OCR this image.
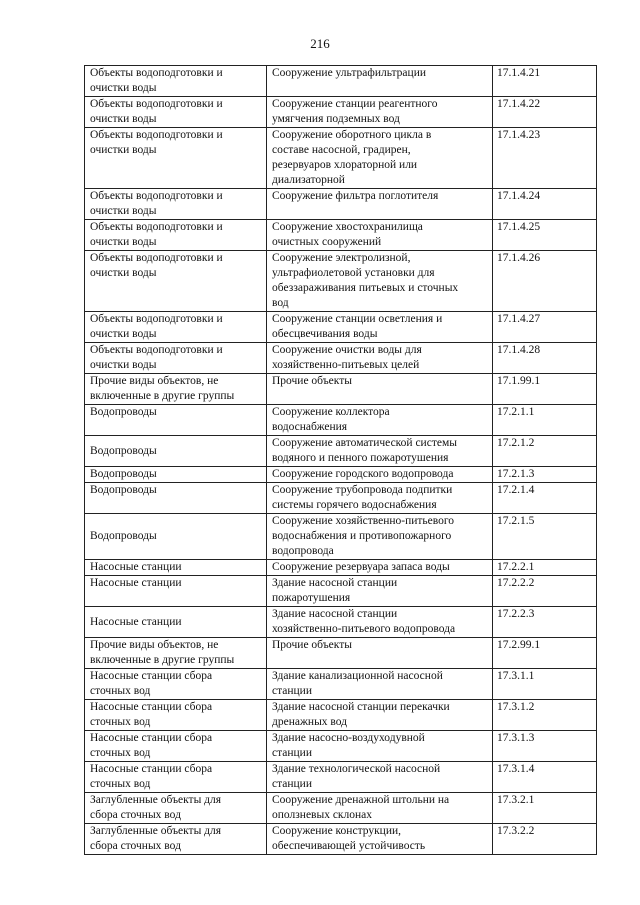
216
Объекты водоподготовки и
очистки воды	Сооружение ультрафильтрации	17.1.4.21
Объекты водоподготовки и
очистки воды	Сооружение станции реагентного
умягчения подземных вод	17.1.4.22
Объекты водоподготовки и
очистки воды	Сооружение оборотного цикла в
составе насосной, градирен,
резервуаров хлораторной или
диализаторной	17.1.4.23
Объекты водоподготовки и
очистки воды	Сооружение фильтра поглотителя	17.1.4.24
Объекты водоподготовки и
очистки воды	Сооружение хвостохранилища
очистных сооружений	17.1.4.25
Объекты водоподготовки и
очистки воды	Сооружение электролизной,
ультрафиолетовой установки для
обеззараживания питьевых и сточных
вод	17.1.4.26
Объекты водоподготовки и
очистки воды	Сооружение станции осветления и
обесцвечивания воды	17.1.4.27
Объекты водоподготовки и
очистки воды	Сооружение очистки воды для
хозяйственно-питьевых целей	17.1.4.28
Прочие виды объектов, не
включенные в другие группы	Прочие объекты	17.1.99.1
Водопроводы	Сооружение коллектора
водоснабжения	17.2.1.1
Водопроводы	Сооружение автоматической системы
водяного и пенного пожаротушения	17.2.1.2
Водопроводы	Сооружение городского водопровода	17.2.1.3
Водопроводы	Сооружение трубопровода подпитки
системы горячего водоснабжения	17.2.1.4
Водопроводы	Сооружение хозяйственно-питьевого
водоснабжения и противопожарного
водопровода	17.2.1.5
Насосные станции	Сооружение резервуара запаса воды	17.2.2.1
Насосные станции	Здание насосной станции
пожаротушения	17.2.2.2
Насосные станции	Здание насосной станции
хозяйственно-питьевого водопровода	17.2.2.3
Прочие виды объектов, не
включенные в другие группы	Прочие объекты	17.2.99.1
Насосные станции сбора
сточных вод	Здание канализационной насосной
станции	17.3.1.1
Насосные станции сбора
сточных вод	Здание насосной станции перекачки
дренажных вод	17.3.1.2
Насосные станции сбора
сточных вод	Здание насосно-воздуходувной
станции	17.3.1.3
Насосные станции сбора
сточных вод	Здание технологической насосной
станции	17.3.1.4
Заглубленные объекты для
сбора сточных вод	Сооружение дренажной штольни на
оползневых склонах	17.3.2.1
Заглубленные объекты для
сбора сточных вод	Сооружение конструкции,
обеспечивающей устойчивость	17.3.2.2
